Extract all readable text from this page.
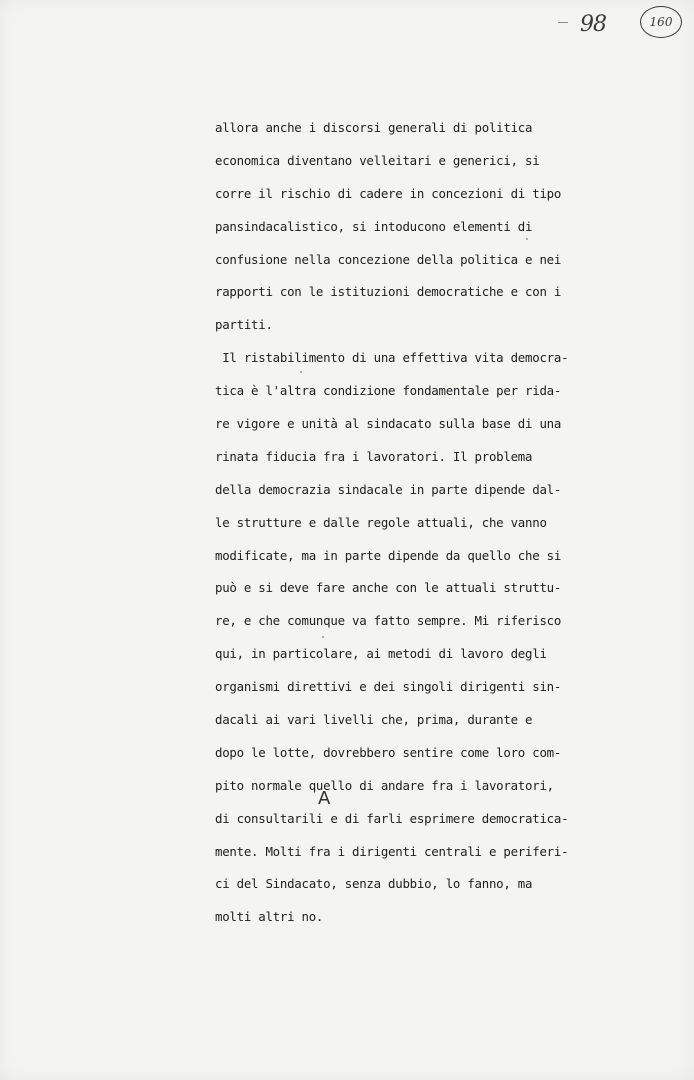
98	160
allora anche i discorsi generali di politica
economica diventano velleitari e generici, si
corre il rischio di cadere in concezioni di tipo
pansindacalistico, si intoducono elementi di
confusione nella concezione della politica e nei
rapporti con le istituzioni democratiche e con i
partiti.
Il ristabilimento di una effettiva vita democra-
tica è l'altra condizione fondamentale per rida-
re vigore e unità al sindacato sulla base di una
rinata fiducia fra i lavoratori. Il problema
della democrazia sindacale in parte dipende dal-
le strutture e dalle regole attuali, che vanno
modificate, ma in parte dipende da quello che si
può e si deve fare anche con le attuali struttu-
re, e che comunque va fatto sempre. Mi riferisco
qui, in particolare, ai metodi di lavoro degli
organismi direttivi e dei singoli dirigenti sin-
dacali ai vari livelli che, prima, durante e
dopo le lotte, dovrebbero sentire come loro com-
pito normale quello di andare fra i lavoratori,
di consultarili e di farli esprimere democratica-
mente. Molti fra i dirigenti centrali e periferi-
ci del Sindacato, senza dubbio, lo fanno, ma
molti altri no.
A
